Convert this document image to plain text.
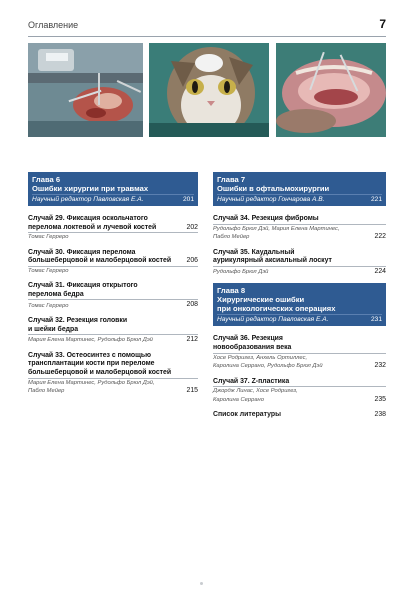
Оглавление	7
Глава 6
Ошибки хирургии при травмах
Научный редактор Павловская Е.А.	201
Случай 29. Фиксация оскольчатого
перелома локтевой и лучевой костей	202
Томас Герреро
Случай 30. Фиксация перелома
большеберцовой и малоберцовой костей 206
Томас Герреро
Случай 31. Фиксация открытого
перелома бедра
Томас Герреро	208
Случай 32. Резекция головки
и шейки бедра
Мария Елена Мартинес, Рудольфо Брюл Дэй	212
Случай 33. Остеосинтез с помощью
трансплантации кости при переломе
большеберцовой и малоберцовой костей
Мария Елена Мартинес, Рудольфо Брюл Дэй,
Пабло Мейер	215
Глава 7
Ошибки в офтальмохирургии
Научный редактор Гончарова А.В.	221
Случай 34. Резекция фибромы
Рудольфо Брюл Дэй, Мария Елена Мартинес,
Пабло Мейер	222
Случай 35. Каудальный
аурикулярный аксиальный лоскут
Рудольфо Брюл Дэй	224
Глава 8
Хирургические ошибки
при онкологических операциях
Научный редактор Павловская Е.А.	231
Случай 36. Резекция
новообразования века
Хосе Родригез, Анхель Ортиллес,
Каролина Серрано, Рудольфо Брюл Дэй	232
Случай 37. Z-пластика
Джордж Линас, Хосе Родригез,
Каролина Серрано	235
Список литературы	238
